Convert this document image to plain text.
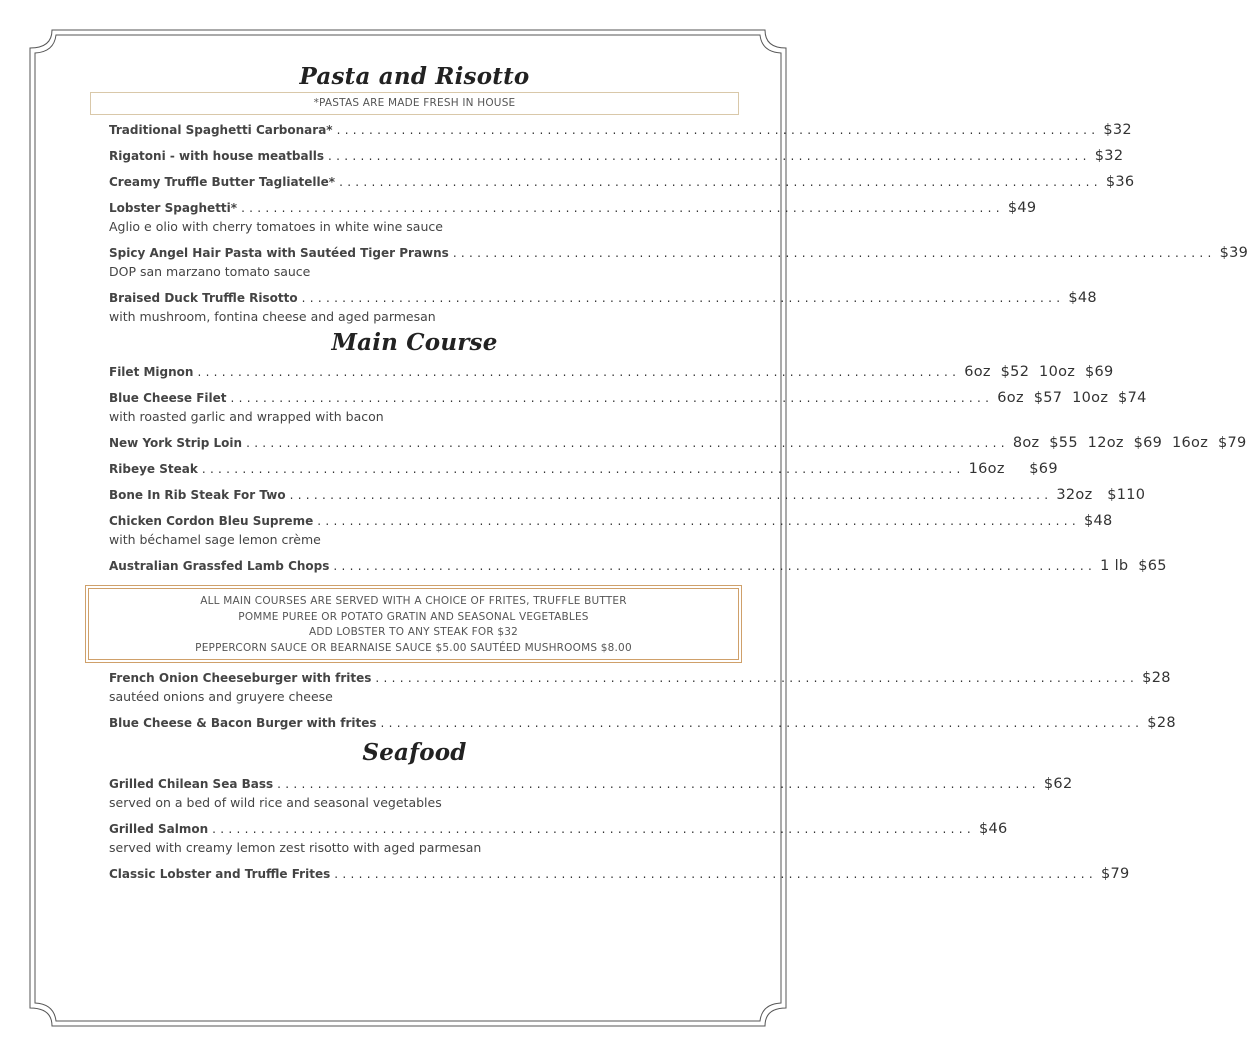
Pasta and Risotto
*PASTAS ARE MADE FRESH IN HOUSE
Traditional Spaghetti Carbonara* .............................................................................................. $32
Rigatoni - with house meatballs .............................................................................................. $32
Creamy Truffle Butter Tagliatelle* .............................................................................................. $36
Lobster Spaghetti* .............................................................................................. $49
Aglio e olio with cherry tomatoes in white wine sauce
Spicy Angel Hair Pasta with Sautéed Tiger Prawns .............................................................................................. $39
DOP san marzano tomato sauce
Braised Duck Truffle Risotto .............................................................................................. $48
with mushroom, fontina cheese and aged parmesan
Main Course
Filet Mignon .............................................................................................. 6oz  $52  10oz  $69
Blue Cheese Filet .............................................................................................. 6oz  $57  10oz  $74
with roasted garlic and wrapped with bacon
New York Strip Loin .............................................................................................. 8oz  $55  12oz  $69  16oz  $79
Ribeye Steak .............................................................................................. 16oz     $69
Bone In Rib Steak For Two .............................................................................................. 32oz   $110
Chicken Cordon Bleu Supreme .............................................................................................. $48
with béchamel sage lemon crème
Australian Grassfed Lamb Chops .............................................................................................. 1 lb  $65
ALL MAIN COURSES ARE SERVED WITH A CHOICE OF FRITES, TRUFFLE BUTTER
POMME PUREE OR POTATO GRATIN AND SEASONAL VEGETABLES
ADD LOBSTER TO ANY STEAK FOR $32
PEPPERCORN SAUCE OR BEARNAISE SAUCE $5.00 SAUTÉED MUSHROOMS $8.00
French Onion Cheeseburger with frites .............................................................................................. $28
sautéed onions and gruyere cheese
Blue Cheese & Bacon Burger with frites .............................................................................................. $28
Seafood
Grilled Chilean Sea Bass .............................................................................................. $62
served on a bed of wild rice and seasonal vegetables
Grilled Salmon .............................................................................................. $46
served with creamy lemon zest risotto with aged parmesan
Classic Lobster and Truffle Frites .............................................................................................. $79
